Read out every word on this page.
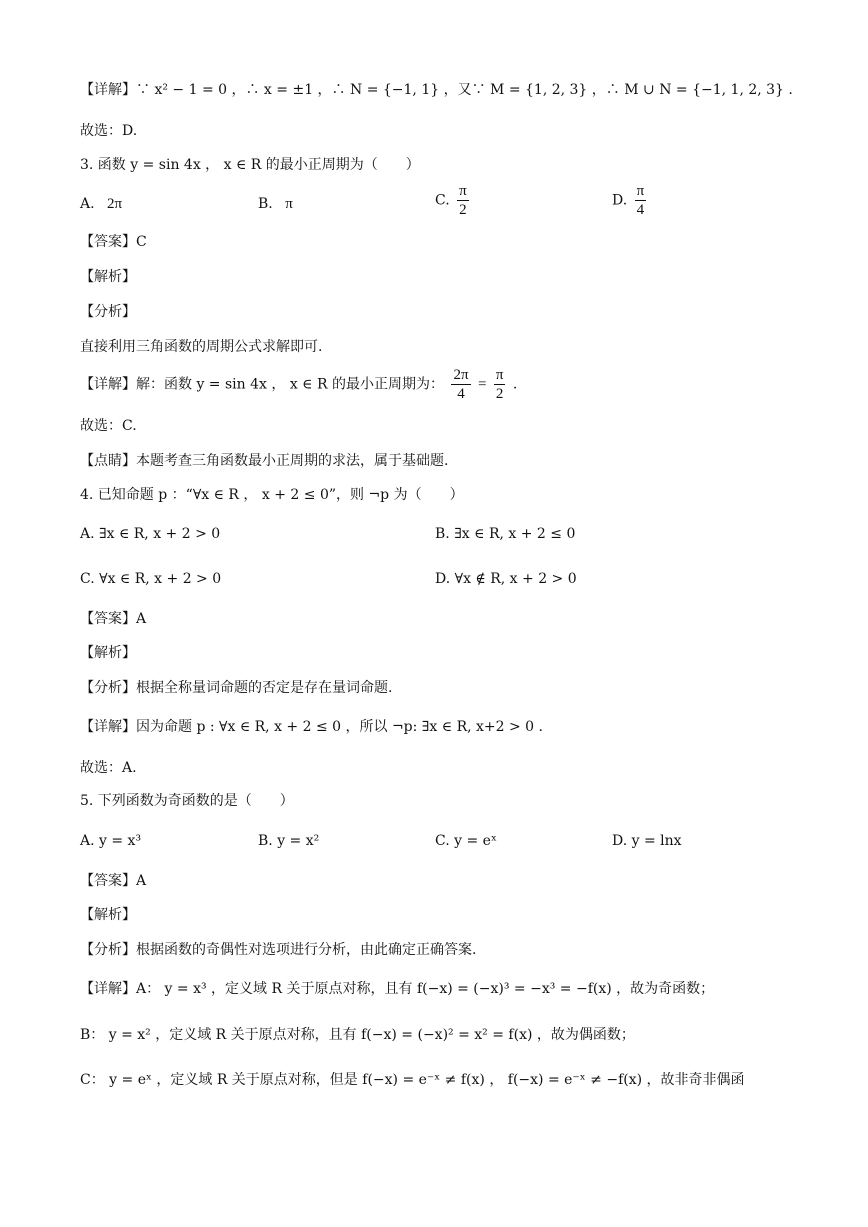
【详解】∵ x² − 1 = 0 ，∴ x = ±1 ，∴ N = {−1, 1} ，又∵ M = {1, 2, 3} ，∴ M ∪ N = {−1, 1, 2, 3} .
故选：D.
3. 函数 y = sin 4x ， x ∈ R 的最小正周期为（　　）
A. 2π	B. π	C. $\frac{\pi}{2}$	D. $\frac{\pi}{4}$
【答案】C
【解析】
【分析】
直接利用三角函数的周期公式求解即可.
【详解】解：函数 y = sin 4x ， x ∈ R 的最小正周期为： $\frac{2\pi}{4} = \frac{\pi}{2}$ .
故选：C.
【点睛】本题考查三角函数最小正周期的求法，属于基础题.
4. 已知命题 p ：“∀x ∈ R ， x + 2 ≤ 0”，则 ¬p 为（　　）
A. ∃x ∈ R, x + 2 > 0	B. ∃x ∈ R, x + 2 ≤ 0
C. ∀x ∈ R, x + 2 > 0	D. ∀x ∉ R, x + 2 > 0
【答案】A
【解析】
【分析】根据全称量词命题的否定是存在量词命题.
【详解】因为命题 p : ∀x ∈ R, x + 2 ≤ 0 ，所以 ¬p: ∃x ∈ R, x+2 > 0 .
故选：A.
5. 下列函数为奇函数的是（　　）
A. y = x³	B. y = x²	C. y = eˣ	D. y = lnx
【答案】A
【解析】
【分析】根据函数的奇偶性对选项进行分析，由此确定正确答案.
【详解】A： y = x³ ，定义域 R 关于原点对称，且有 f(−x) = (−x)³ = −x³ = −f(x) ，故为奇函数；
B： y = x² ，定义域 R 关于原点对称，且有 f(−x) = (−x)² = x² = f(x) ，故为偶函数；
C： y = eˣ ，定义域 R 关于原点对称，但是 f(−x) = e⁻ˣ ≠ f(x) ， f(−x) = e⁻ˣ ≠ −f(x) ，故非奇非偶函
